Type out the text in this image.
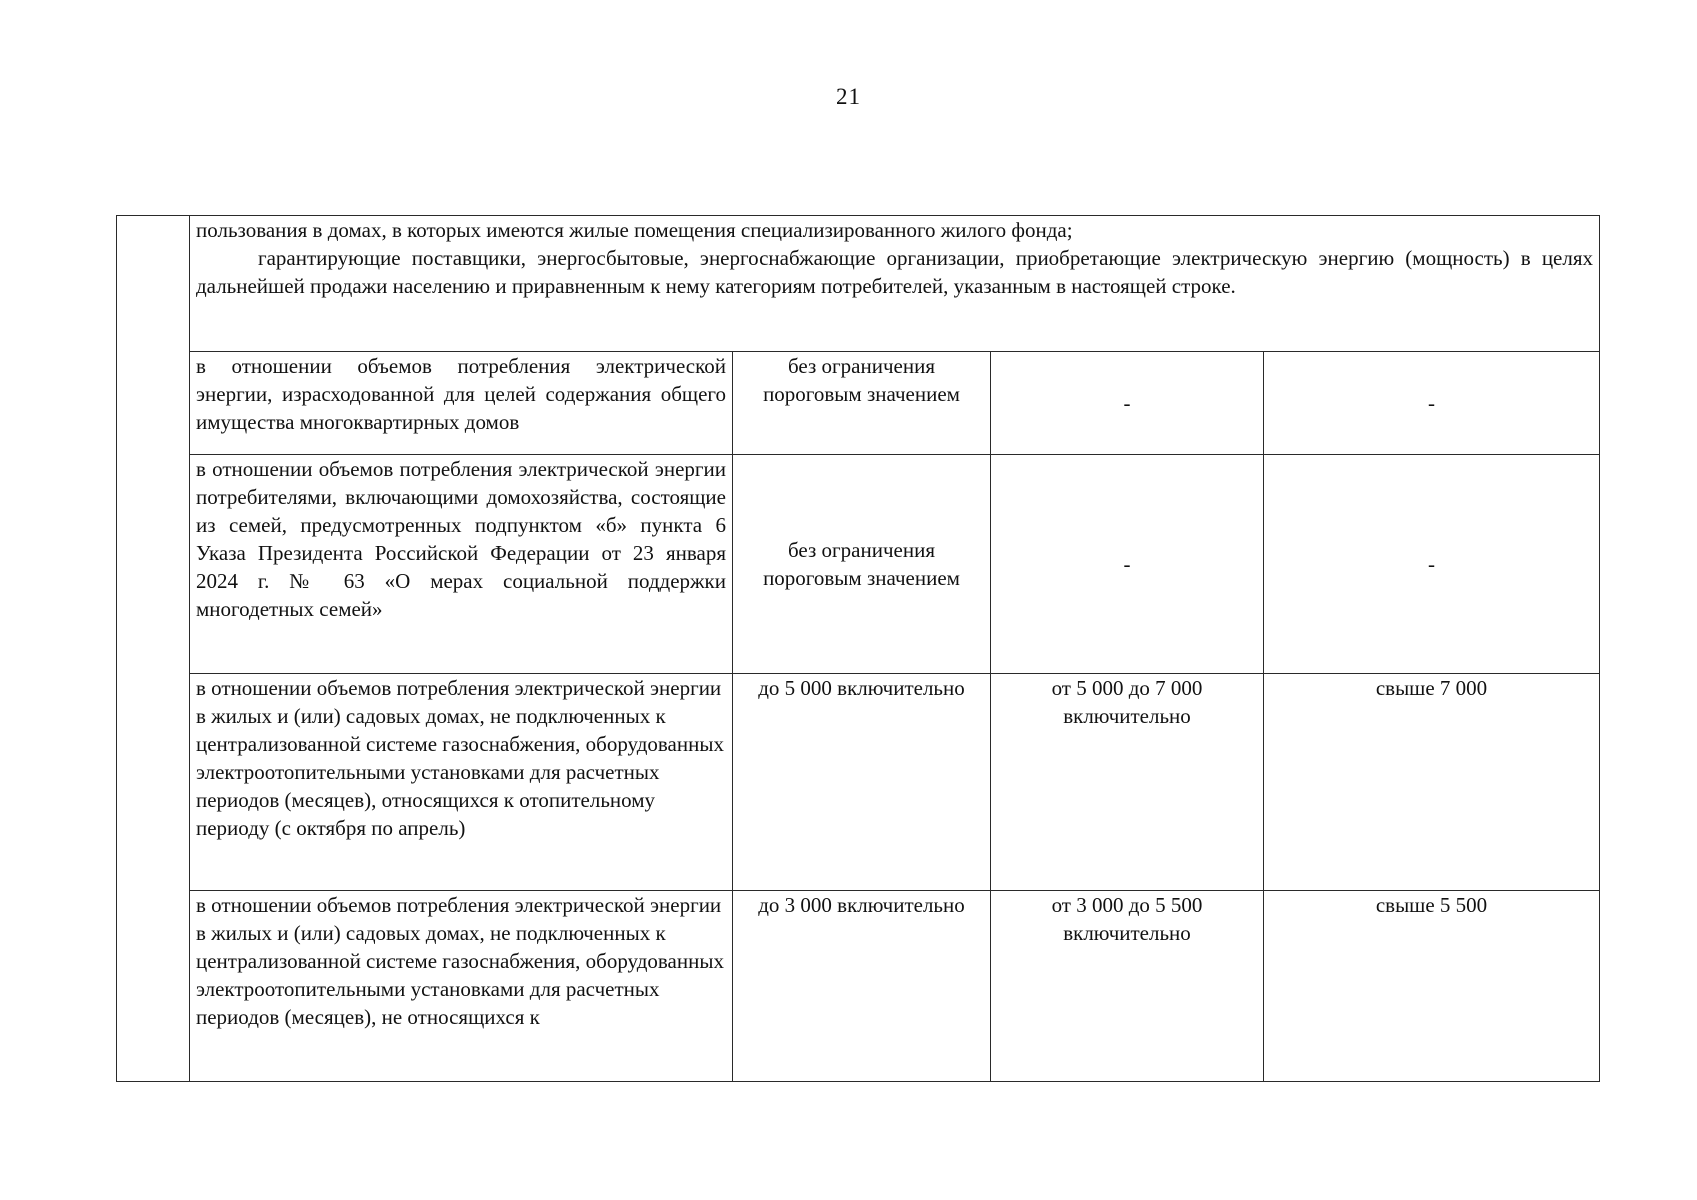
21

	пользования в домах, в которых имеются жилые помещения специализированного жилого фонда;

гарантирующие поставщики, энергосбытовые, энергоснабжающие организации, приобретающие электрическую энергию (мощность) в целях дальнейшей продажи населению и приравненным к нему категориям потребителей, указанным в настоящей строке.			

	в отношении объемов потребления электрической энергии, израсходованной для целей содержания общего имущества многоквартирных домов	без ограничения пороговым значением	-	-
	в отношении объемов потребления электрической энергии потребителями, включающими домохозяйства, состоящие из семей, предусмотренных подпунктом «б» пункта 6 Указа Президента Российской Федерации от 23 января 2024 г. № 63 «О мерах социальной поддержки многодетных семей»	без ограничения пороговым значением	-	-
	в отношении объемов потребления электрической энергии в жилых и (или) садовых домах, не подключенных к централизованной системе газоснабжения, оборудованных электроотопительными установками для расчетных периодов (месяцев), относящихся к отопительному периоду (с октября по апрель)	до 5 000 включительно	от 5 000 до 7 000 включительно	свыше 7 000
	в отношении объемов потребления электрической энергии в жилых и (или) садовых домах, не подключенных к централизованной системе газоснабжения, оборудованных электроотопительными установками для расчетных периодов (месяцев), не относящихся к	до 3 000 включительно	от 3 000 до 5 500 включительно	свыше 5 500
